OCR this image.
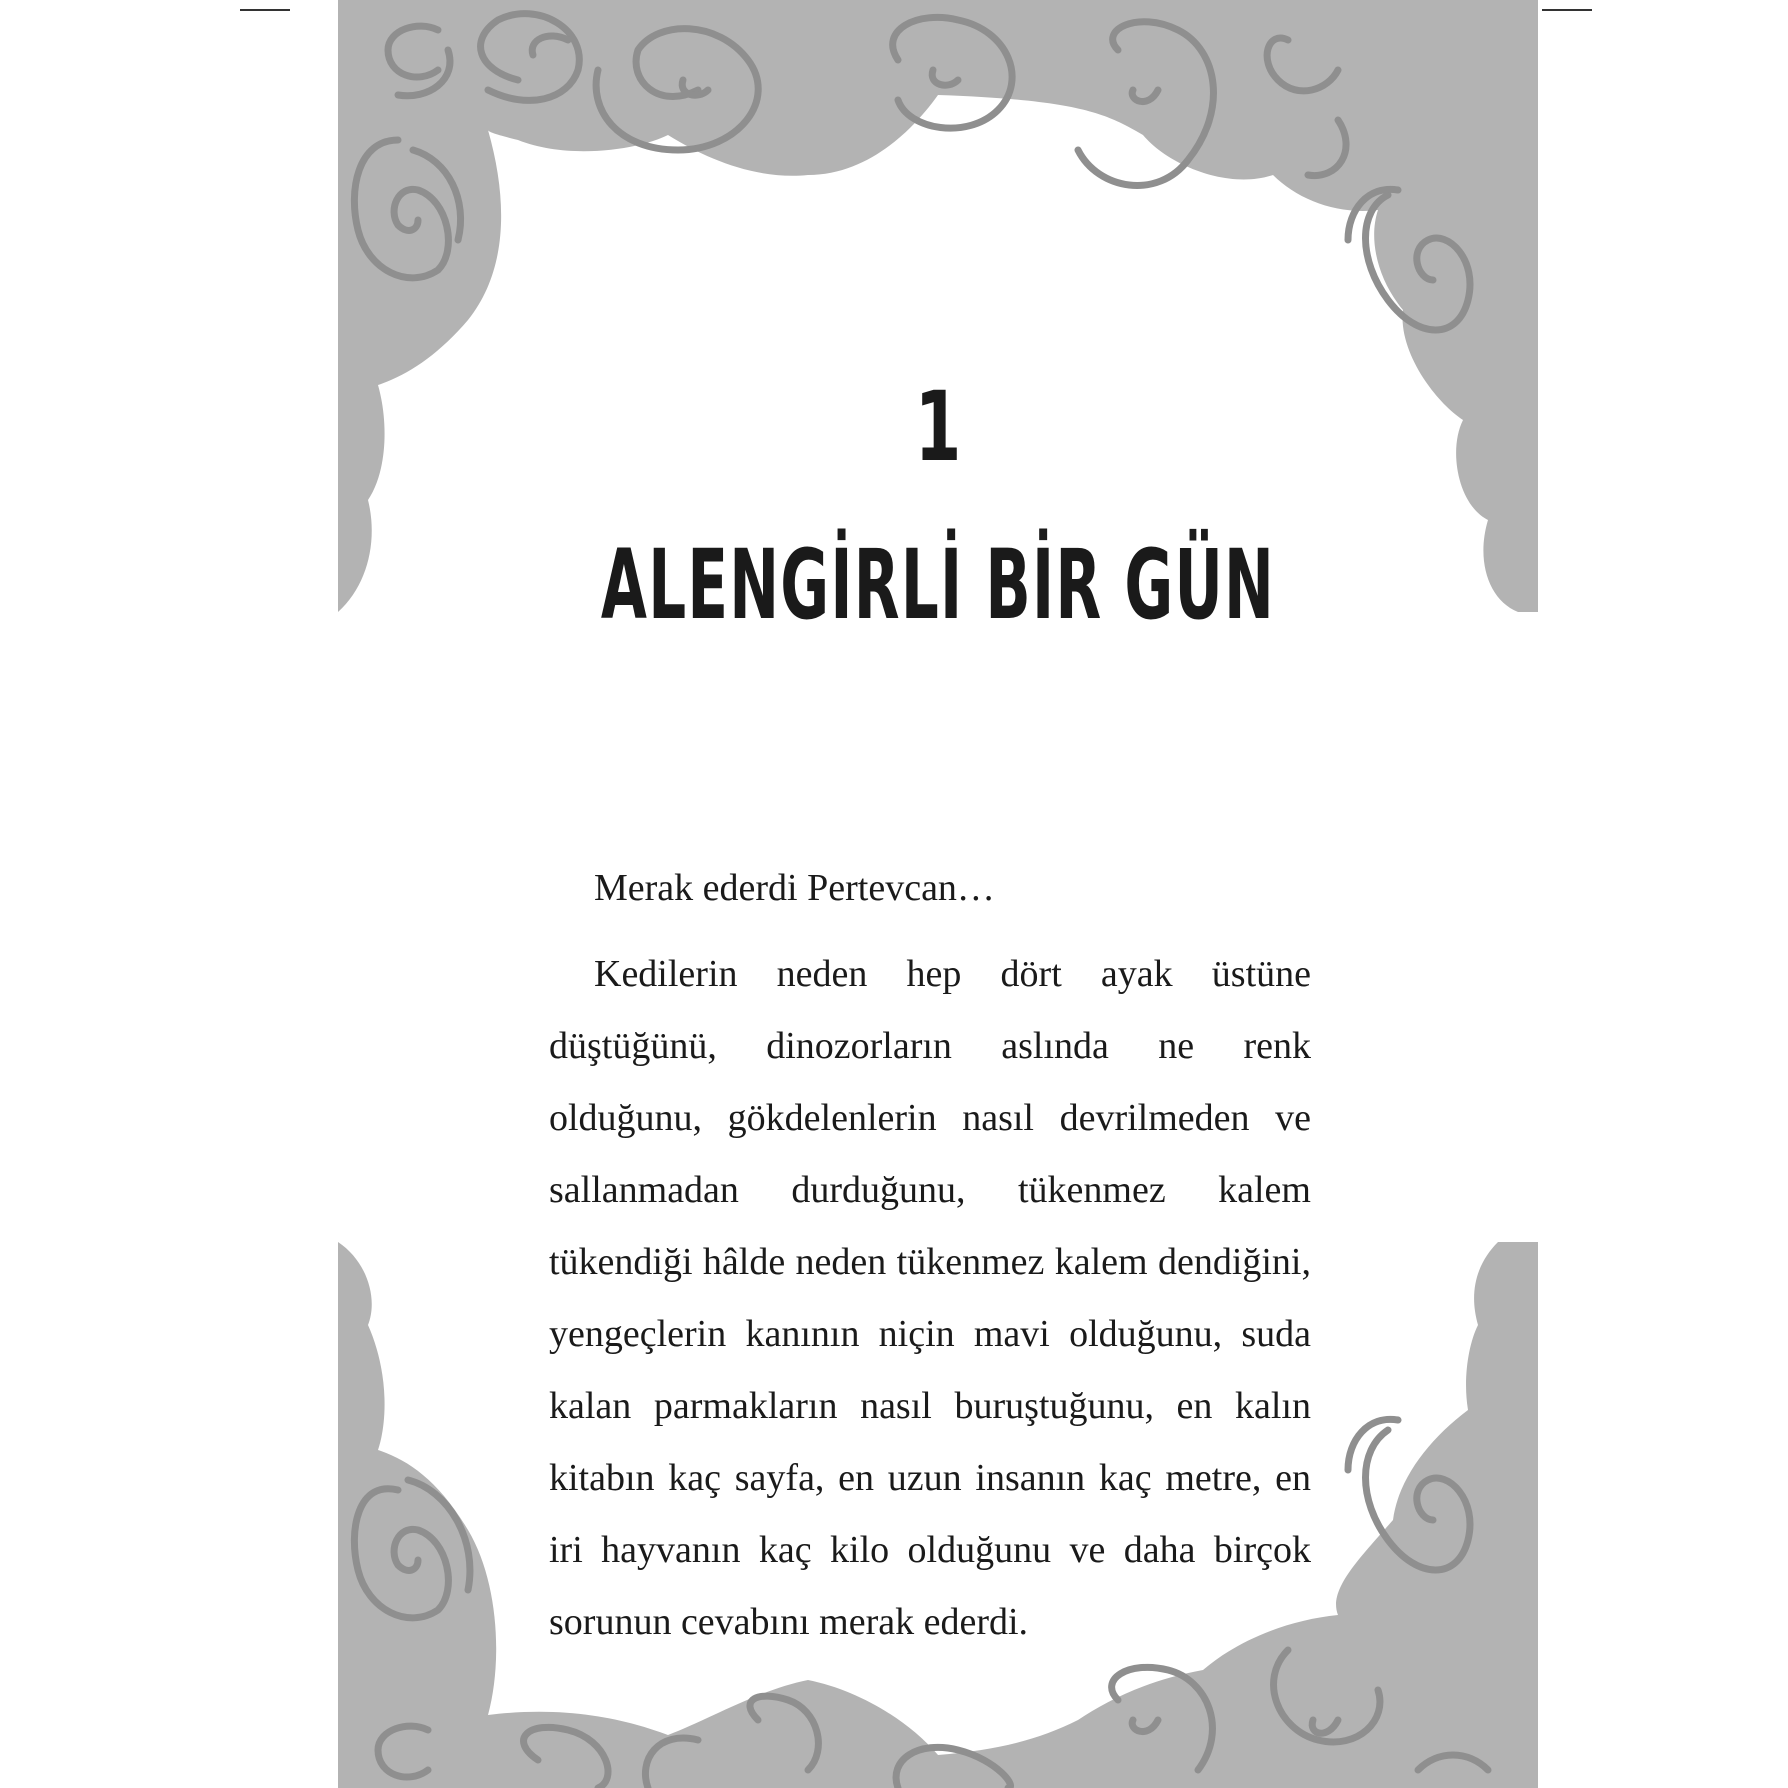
1
ALENGİRLİ BİR GÜN

Merak ederdi Pertevcan…

Kedilerin neden hep dört ayak üstüne düştüğünü, dinozorların aslında ne renk olduğunu, gökdelenlerin nasıl devrilmeden ve sallanmadan durduğunu, tükenmez kalem tükendiği hâlde neden tükenmez kalem dendiğini, yengeçlerin kanının niçin mavi olduğunu, suda kalan parmakların nasıl buruştuğunu, en kalın kitabın kaç sayfa, en uzun insanın kaç metre, en iri hayvanın kaç kilo olduğunu ve daha birçok sorunun cevabını merak ederdi.
